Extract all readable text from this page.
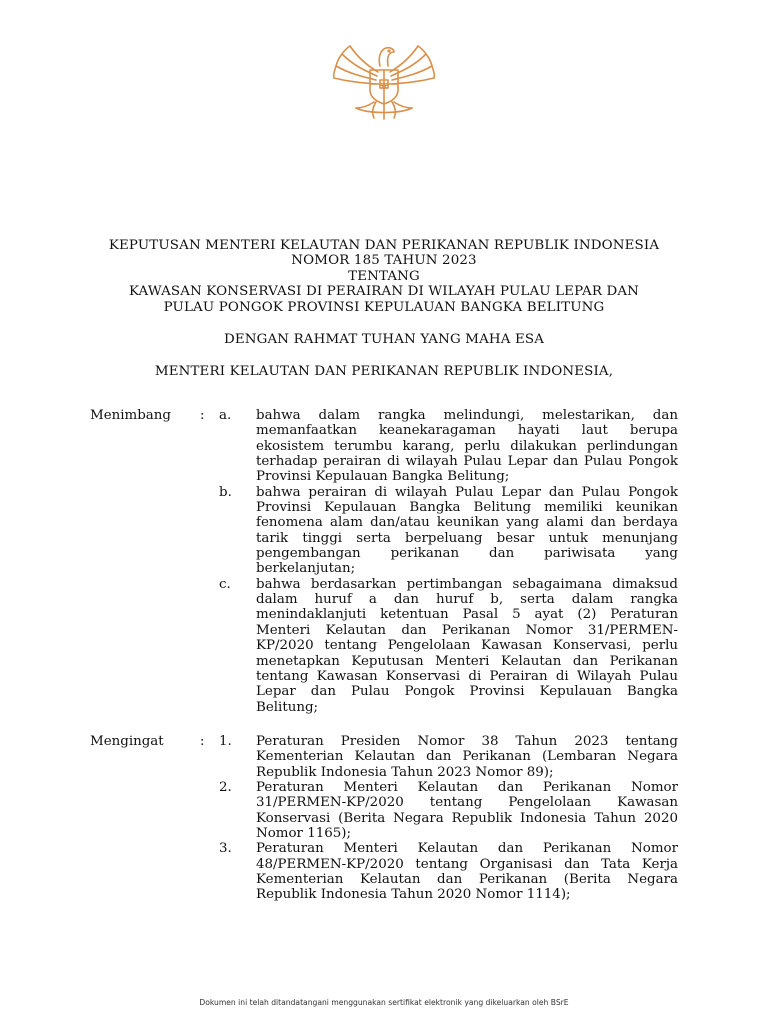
KEPUTUSAN MENTERI KELAUTAN DAN PERIKANAN REPUBLIK INDONESIA
NOMOR 185 TAHUN 2023
TENTANG
KAWASAN KONSERVASI DI PERAIRAN DI WILAYAH PULAU LEPAR DAN
PULAU PONGOK PROVINSI KEPULAUAN BANGKA BELITUNG
DENGAN RAHMAT TUHAN YANG MAHA ESA
MENTERI KELAUTAN DAN PERIKANAN REPUBLIK INDONESIA,
Menimbang : a. bahwa dalam rangka melindungi, melestarikan, dan memanfaatkan keanekaragaman hayati laut berupa ekosistem terumbu karang, perlu dilakukan perlindungan terhadap perairan di wilayah Pulau Lepar dan Pulau Pongok Provinsi Kepulauan Bangka Belitung;
b. bahwa perairan di wilayah Pulau Lepar dan Pulau Pongok Provinsi Kepulauan Bangka Belitung memiliki keunikan fenomena alam dan/atau keunikan yang alami dan berdaya tarik tinggi serta berpeluang besar untuk menunjang pengembangan perikanan dan pariwisata yang berkelanjutan;
c. bahwa berdasarkan pertimbangan sebagaimana dimaksud dalam huruf a dan huruf b, serta dalam rangka menindaklanjuti ketentuan Pasal 5 ayat (2) Peraturan Menteri Kelautan dan Perikanan Nomor 31/PERMEN-KP/2020 tentang Pengelolaan Kawasan Konservasi, perlu menetapkan Keputusan Menteri Kelautan dan Perikanan tentang Kawasan Konservasi di Perairan di Wilayah Pulau Lepar dan Pulau Pongok Provinsi Kepulauan Bangka Belitung;
Mengingat	: 1. Peraturan Presiden Nomor 38 Tahun 2023 tentang Kementerian Kelautan dan Perikanan (Lembaran Negara Republik Indonesia Tahun 2023 Nomor 89);
2. Peraturan Menteri Kelautan dan Perikanan Nomor 31/PERMEN-KP/2020 tentang Pengelolaan Kawasan Konservasi (Berita Negara Republik Indonesia Tahun 2020 Nomor 1165);
3. Peraturan Menteri Kelautan dan Perikanan Nomor 48/PERMEN-KP/2020 tentang Organisasi dan Tata Kerja Kementerian Kelautan dan Perikanan (Berita Negara Republik Indonesia Tahun 2020 Nomor 1114);
Dokumen ini telah ditandatangani menggunakan sertifikat elektronik yang dikeluarkan oleh BSrE
